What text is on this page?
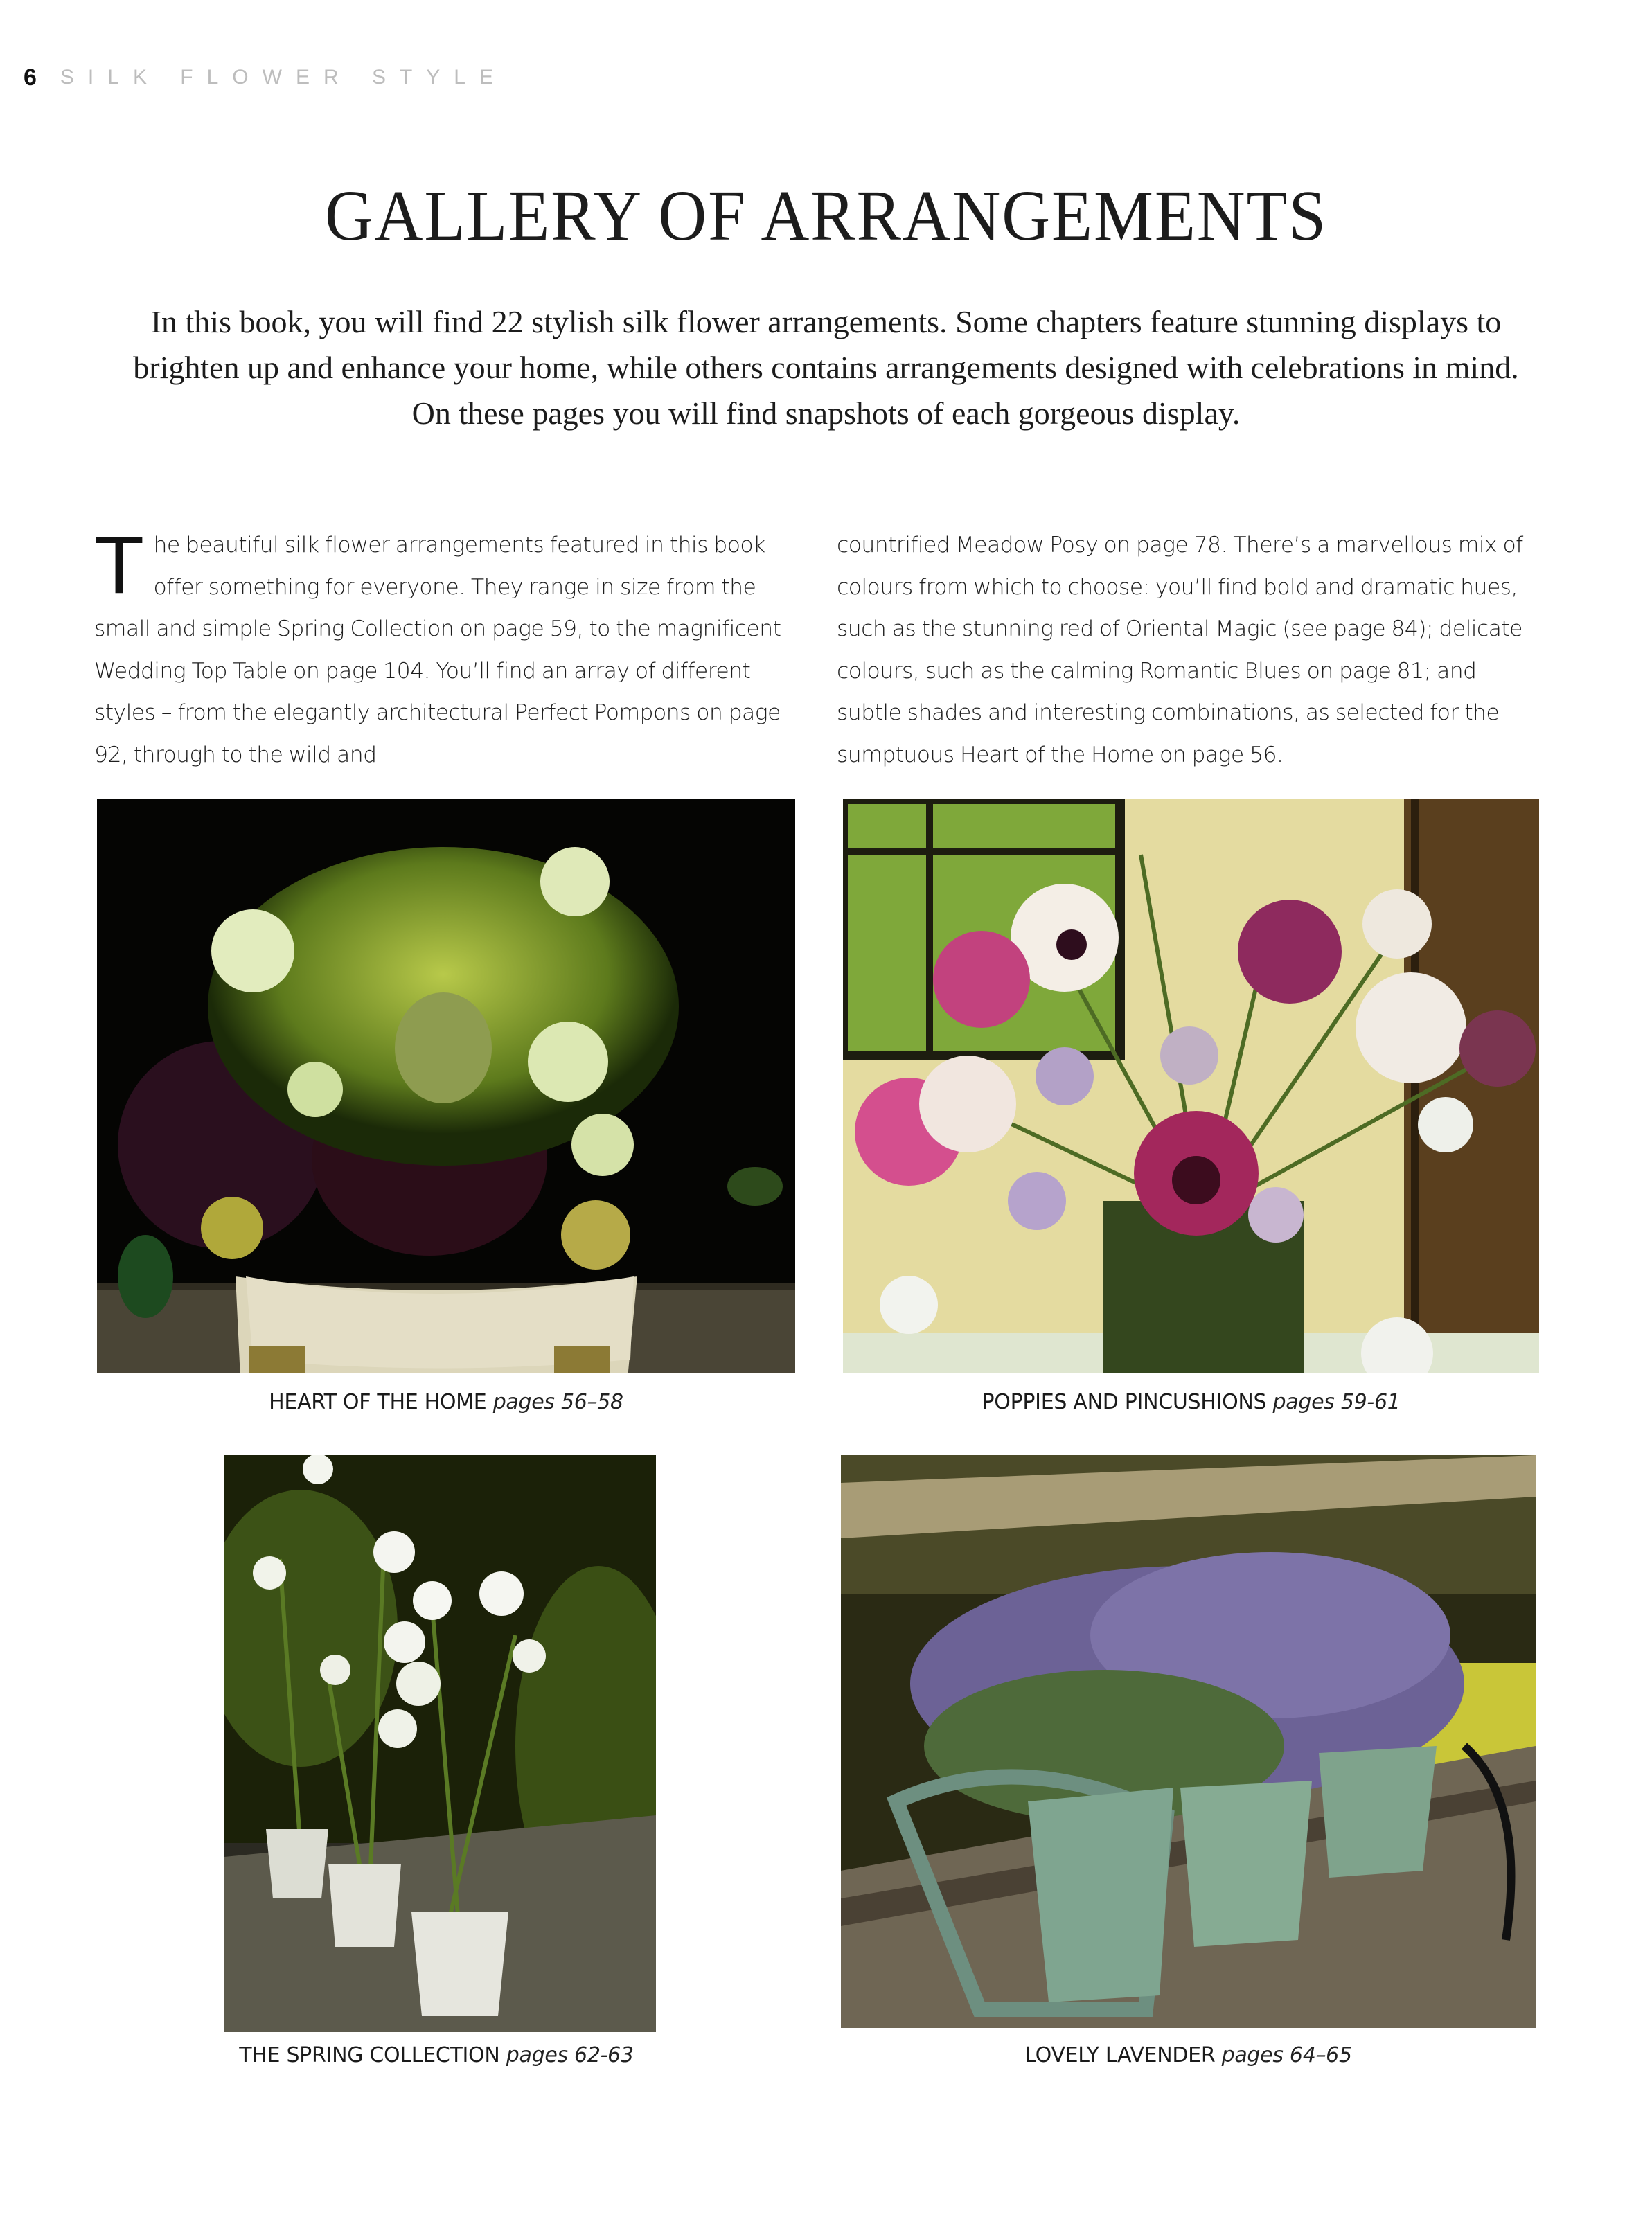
6 SILK FLOWER STYLE
GALLERY OF ARRANGEMENTS

In this book, you will find 22 stylish silk flower arrangements. Some chapters feature stunning displays to brighten up and enhance your home, while others contains arrangements designed with celebrations in mind. On these pages you will find snapshots of each gorgeous display.

The beautiful silk flower arrangements featured in this book offer something for everyone. They range in size from the small and simple Spring Collection on page 59, to the magnificent Wedding Top Table on page 104. You’ll find an array of different styles – from the elegantly architectural Perfect Pompons on page 92, through to the wild and

countrified Meadow Posy on page 78. There’s a marvellous mix of colours from which to choose: you’ll find bold and dramatic hues, such as the stunning red of Oriental Magic (see page 84); delicate colours, such as the calming Romantic Blues on page 81; and subtle shades and interesting combinations, as selected for the sumptuous Heart of the Home on page 56.

HEART OF THE HOME pages 56–58	POPPIES AND PINCUSHIONS pages 59-61
THE SPRING COLLECTION pages 62-63	LOVELY LAVENDER pages 64–65
